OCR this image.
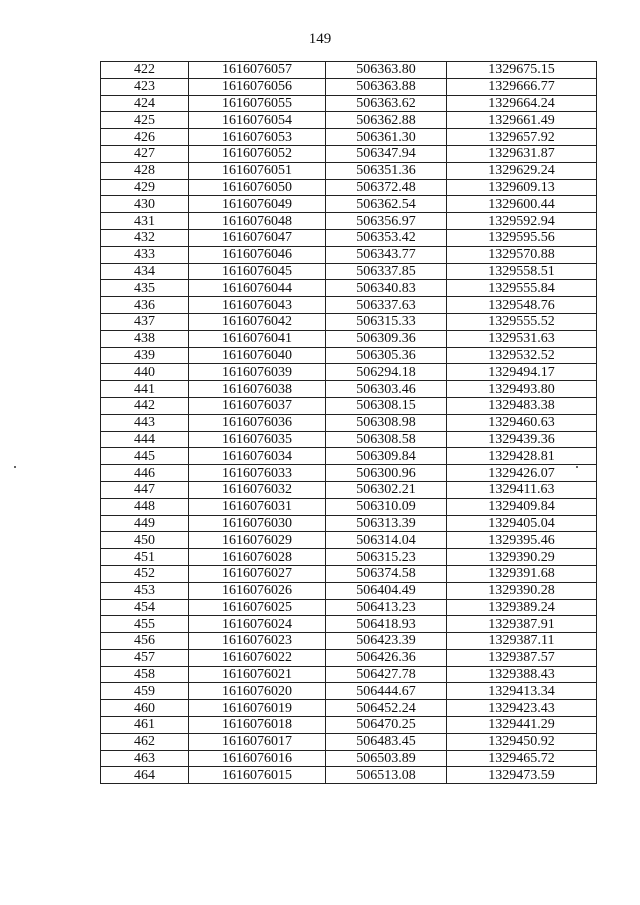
149
422	1616076057	506363.80	1329675.15
423	1616076056	506363.88	1329666.77
424	1616076055	506363.62	1329664.24
425	1616076054	506362.88	1329661.49
426	1616076053	506361.30	1329657.92
427	1616076052	506347.94	1329631.87
428	1616076051	506351.36	1329629.24
429	1616076050	506372.48	1329609.13
430	1616076049	506362.54	1329600.44
431	1616076048	506356.97	1329592.94
432	1616076047	506353.42	1329595.56
433	1616076046	506343.77	1329570.88
434	1616076045	506337.85	1329558.51
435	1616076044	506340.83	1329555.84
436	1616076043	506337.63	1329548.76
437	1616076042	506315.33	1329555.52
438	1616076041	506309.36	1329531.63
439	1616076040	506305.36	1329532.52
440	1616076039	506294.18	1329494.17
441	1616076038	506303.46	1329493.80
442	1616076037	506308.15	1329483.38
443	1616076036	506308.98	1329460.63
444	1616076035	506308.58	1329439.36
445	1616076034	506309.84	1329428.81
446	1616076033	506300.96	1329426.07
447	1616076032	506302.21	1329411.63
448	1616076031	506310.09	1329409.84
449	1616076030	506313.39	1329405.04
450	1616076029	506314.04	1329395.46
451	1616076028	506315.23	1329390.29
452	1616076027	506374.58	1329391.68
453	1616076026	506404.49	1329390.28
454	1616076025	506413.23	1329389.24
455	1616076024	506418.93	1329387.91
456	1616076023	506423.39	1329387.11
457	1616076022	506426.36	1329387.57
458	1616076021	506427.78	1329388.43
459	1616076020	506444.67	1329413.34
460	1616076019	506452.24	1329423.43
461	1616076018	506470.25	1329441.29
462	1616076017	506483.45	1329450.92
463	1616076016	506503.89	1329465.72
464	1616076015	506513.08	1329473.59
